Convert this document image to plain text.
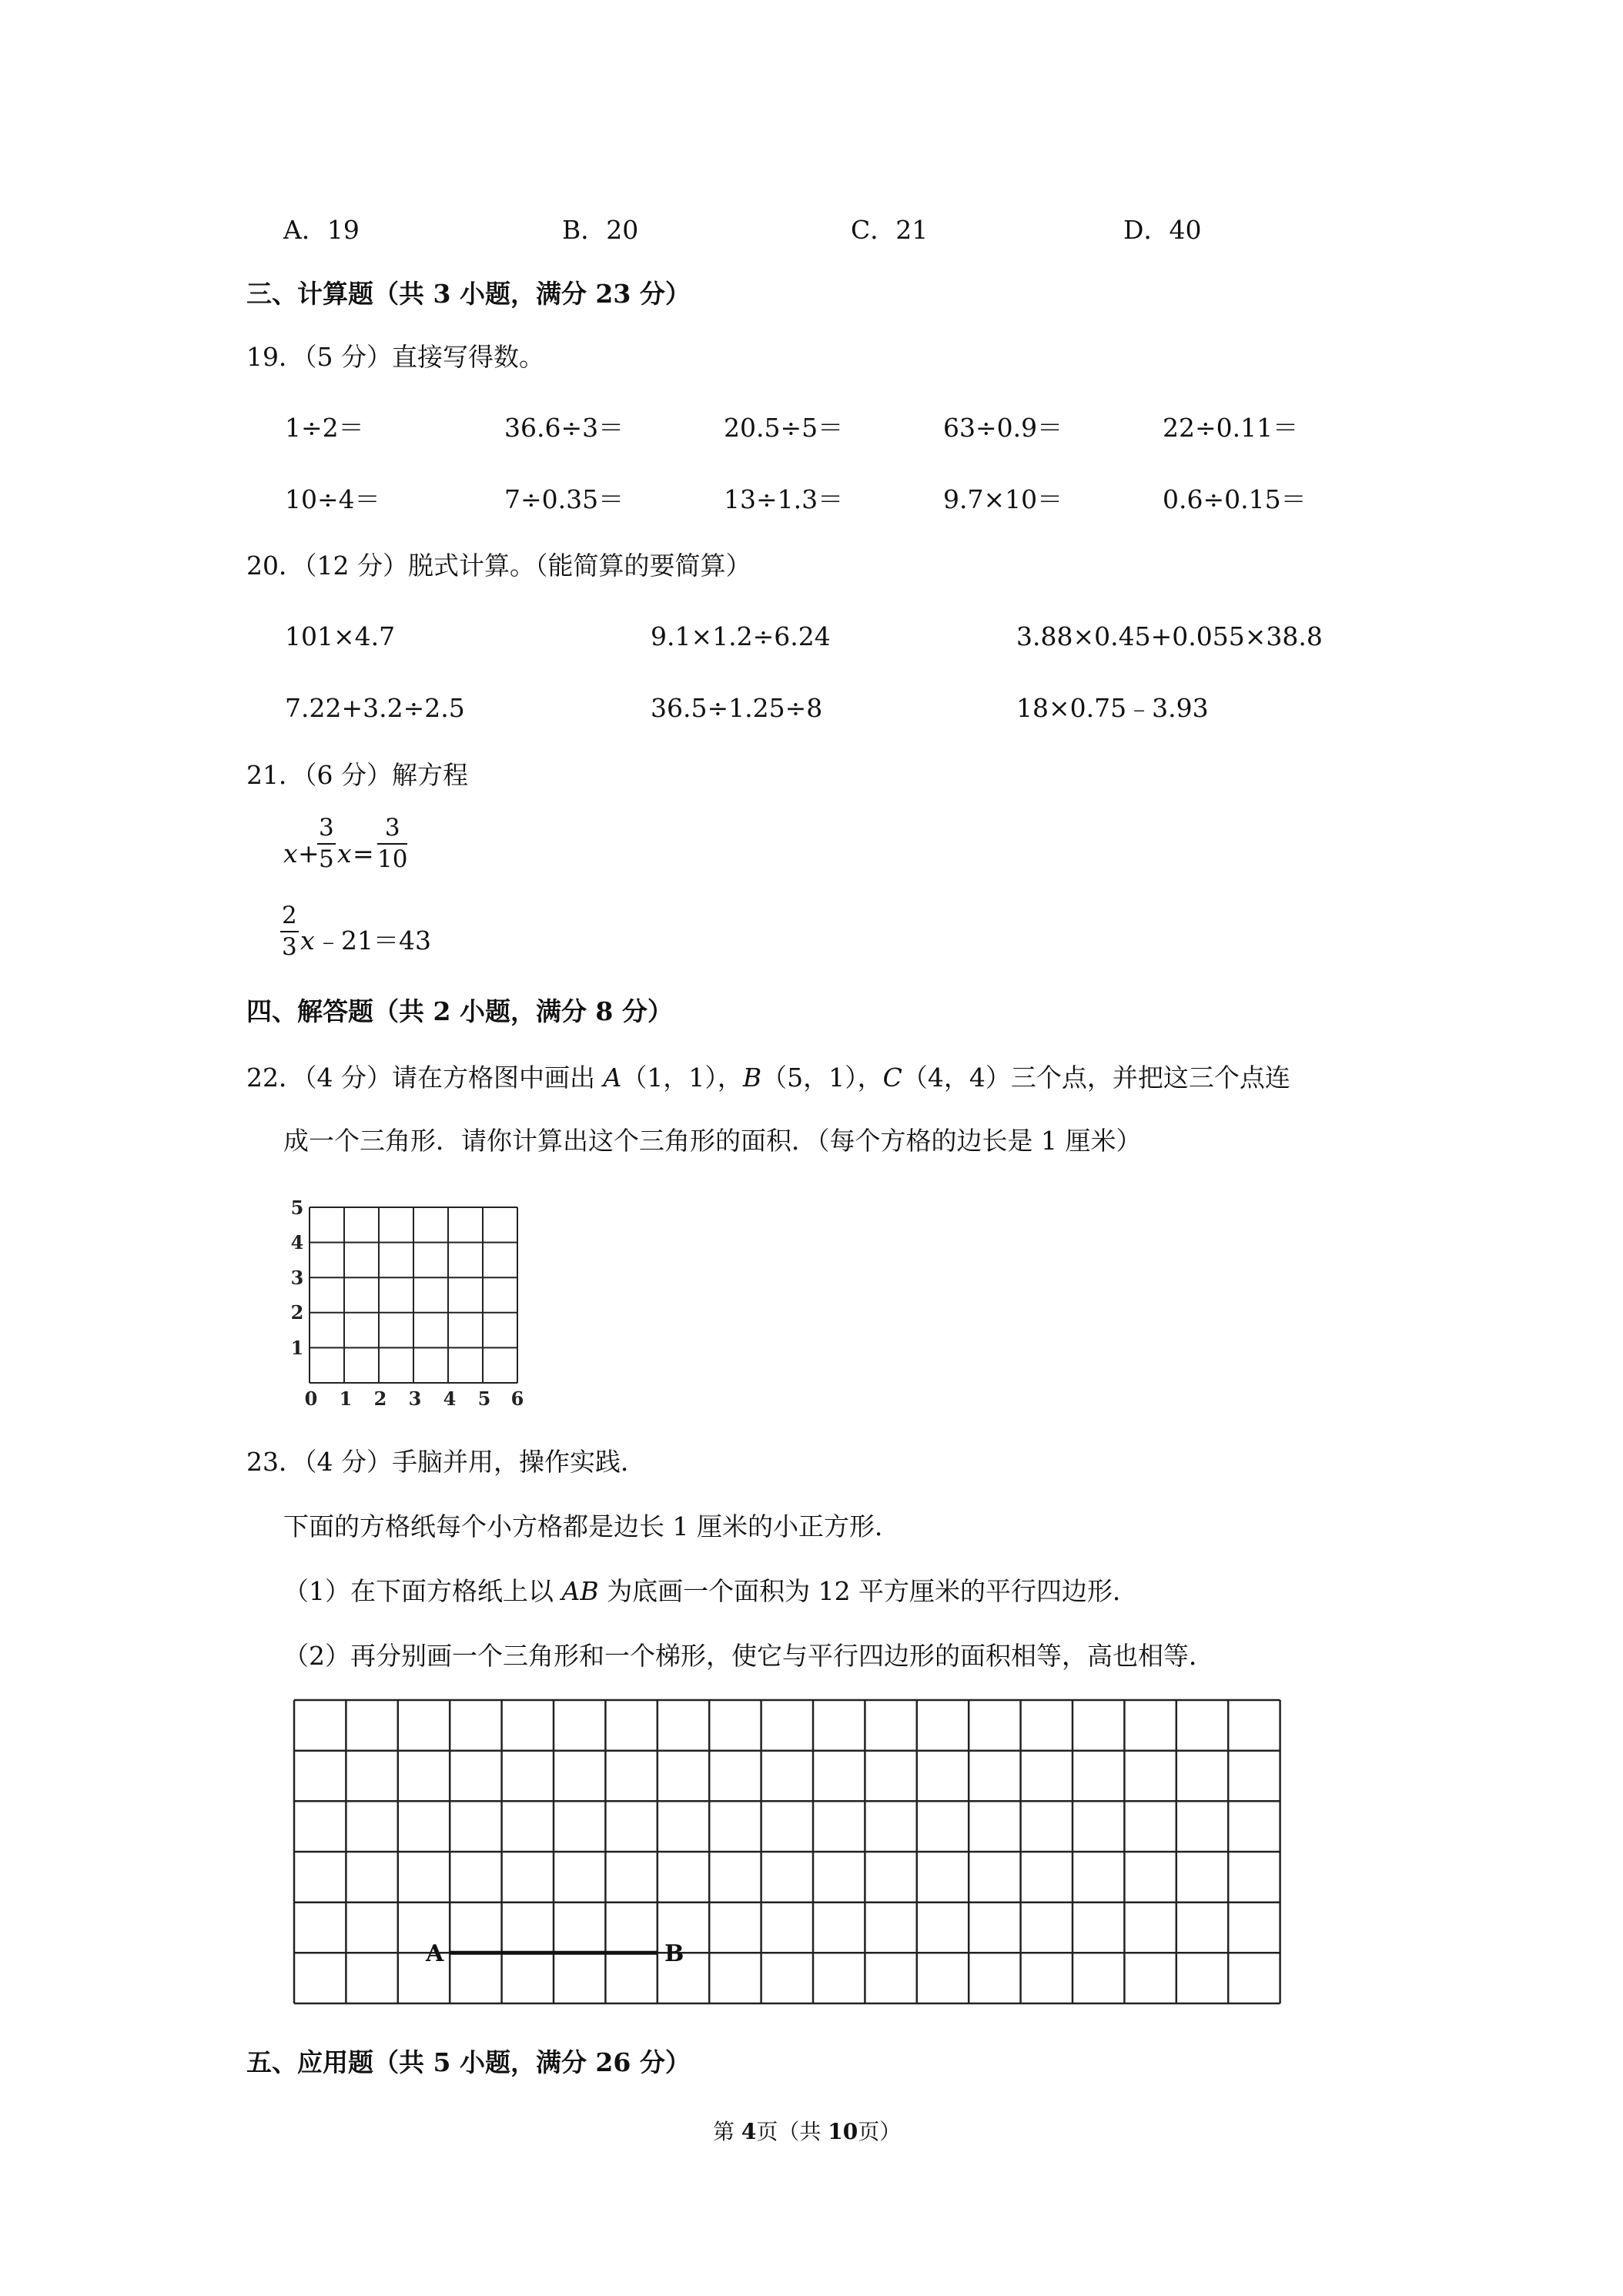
A．19	B．20	C．21	D．40
三、计算题（共 3 小题，满分 23 分）
19．（5 分）直接写得数。
1÷2＝	36.6÷3＝	20.5÷5＝	63÷0.9＝	22÷0.11＝
10÷4＝	7÷0.35＝	13÷1.3＝	9.7×10＝	0.6÷0.15＝
20．（12 分）脱式计算。（能简算的要简算）
101×4.7	9.1×1.2÷6.24	3.88×0.45+0.055×38.8
7.22+3.2÷2.5	36.5÷1.25÷8	18×0.75﹣3.93
21．（6 分）解方程
x +
$\frac{3}{5}$ $x = \frac{3}{10}$
$\frac{2}{3}$ x ﹣21＝43
四、解答题（共 2 小题，满分 8 分）
22．（4 分）请在方格图中画出 A（1，1），B（5，1），C（4，4）三个点，并把这三个点连
成一个三角形．请你计算出这个三角形的面积．（每个方格的边长是 1 厘米）
0 1 2 3 4 5 6
1
2
3
4
5
23．（4 分）手脑并用，操作实践．
下面的方格纸每个小方格都是边长 1 厘米的小正方形．
（1）在下面方格纸上以 AB 为底画一个面积为 12 平方厘米的平行四边形．
（2）再分别画一个三角形和一个梯形，使它与平行四边形的面积相等，高也相等．
A	B
五、应用题（共 5 小题，满分 26 分）
第 4页（共 10页）
